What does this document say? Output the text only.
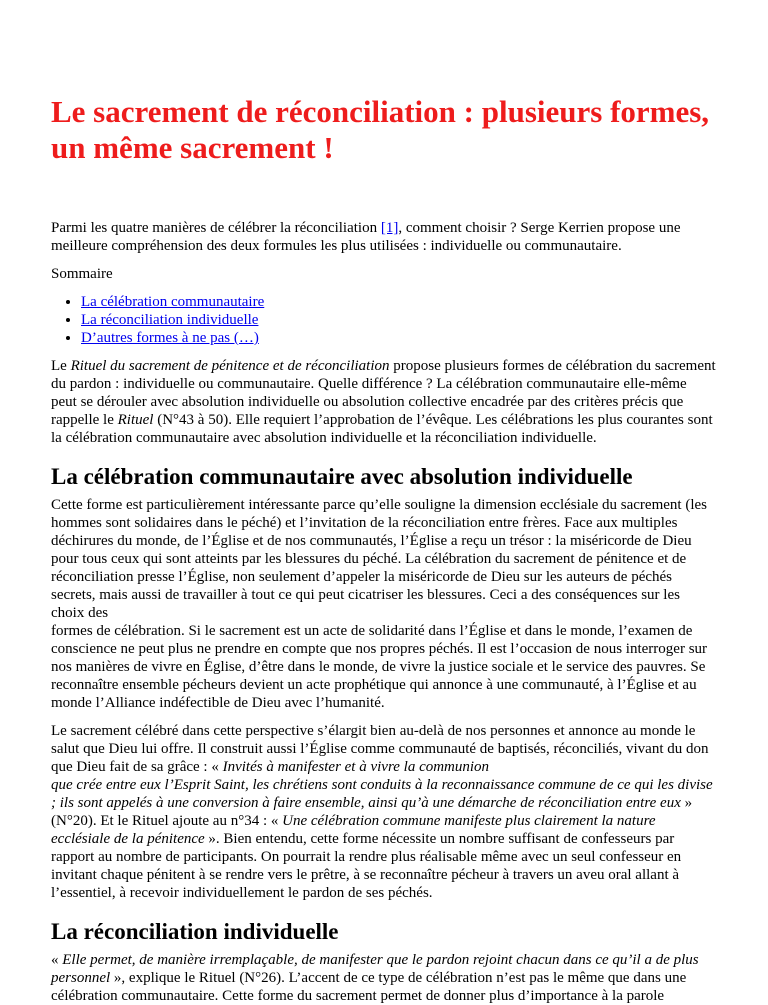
Le sacrement de réconciliation : plusieurs formes, un même sacrement !

Parmi les quatre manières de célébrer la réconciliation [1], comment choisir ? Serge Kerrien propose une meilleure compréhension des deux formules les plus utilisées : individuelle ou communautaire.

Sommaire

• La célébration communautaire
• La réconciliation individuelle
• D’autres formes à ne pas (…)

Le Rituel du sacrement de pénitence et de réconciliation propose plusieurs formes de célébration du sacrement du pardon : individuelle ou communautaire. Quelle différence ? La célébration communautaire elle-même peut se dérouler avec absolution individuelle ou absolution collective encadrée par des critères précis que rappelle le Rituel (N°43 à 50). Elle requiert l’approbation de l’évêque. Les célébrations les plus courantes sont la célébration communautaire avec absolution individuelle et la réconciliation individuelle.

La célébration communautaire avec absolution individuelle

Cette forme est particulièrement intéressante parce qu’elle souligne la dimension ecclésiale du sacrement (les hommes sont solidaires dans le péché) et l’invitation de la réconciliation entre frères. Face aux multiples déchirures du monde, de l’Église et de nos communautés, l’Église a reçu un trésor : la miséricorde de Dieu pour tous ceux qui sont atteints par les blessures du péché. La célébration du sacrement de pénitence et de réconciliation presse l’Église, non seulement d’appeler la miséricorde de Dieu sur les auteurs de péchés secrets, mais aussi de travailler à tout ce qui peut cicatriser les blessures. Ceci a des conséquences sur les choix des

formes de célébration. Si le sacrement est un acte de solidarité dans l’Église et dans le monde, l’examen de conscience ne peut plus ne prendre en compte que nos propres péchés. Il est l’occasion de nous interroger sur nos manières de vivre en Église, d’être dans le monde, de vivre la justice sociale et le service des pauvres. Se reconnaître ensemble pécheurs devient un acte prophétique qui annonce à une communauté, à l’Église et au monde l’Alliance indéfectible de Dieu avec l’humanité.

Le sacrement célébré dans cette perspective s’élargit bien au-delà de nos personnes et annonce au monde le salut que Dieu lui offre. Il construit aussi l’Église comme communauté de baptisés, réconciliés, vivant du don que Dieu fait de sa grâce : « Invités à manifester et à vivre la communion
que crée entre eux l’Esprit Saint, les chrétiens sont conduits à la reconnaissance commune de ce qui les divise ; ils sont appelés à une conversion à faire ensemble, ainsi qu’à une démarche de réconciliation entre eux » (N°20). Et le Rituel ajoute au n°34 : « Une célébration commune manifeste plus clairement la nature ecclésiale de la pénitence ». Bien entendu, cette forme nécessite un nombre suffisant de confesseurs par rapport au nombre de participants. On pourrait la rendre plus réalisable même avec un seul confesseur en invitant chaque pénitent à se rendre vers le prêtre, à se reconnaître pécheur à travers un aveu oral allant à l’essentiel, à recevoir individuellement le pardon de ses péchés.

La réconciliation individuelle

« Elle permet, de manière irremplaçable, de manifester que le pardon rejoint chacun dans ce qu’il a de plus personnel », explique le Rituel (N°26). L’accent de ce type de célébration n’est pas le même que dans une célébration communautaire. Cette forme du sacrement permet de donner plus d’importance à la parole
